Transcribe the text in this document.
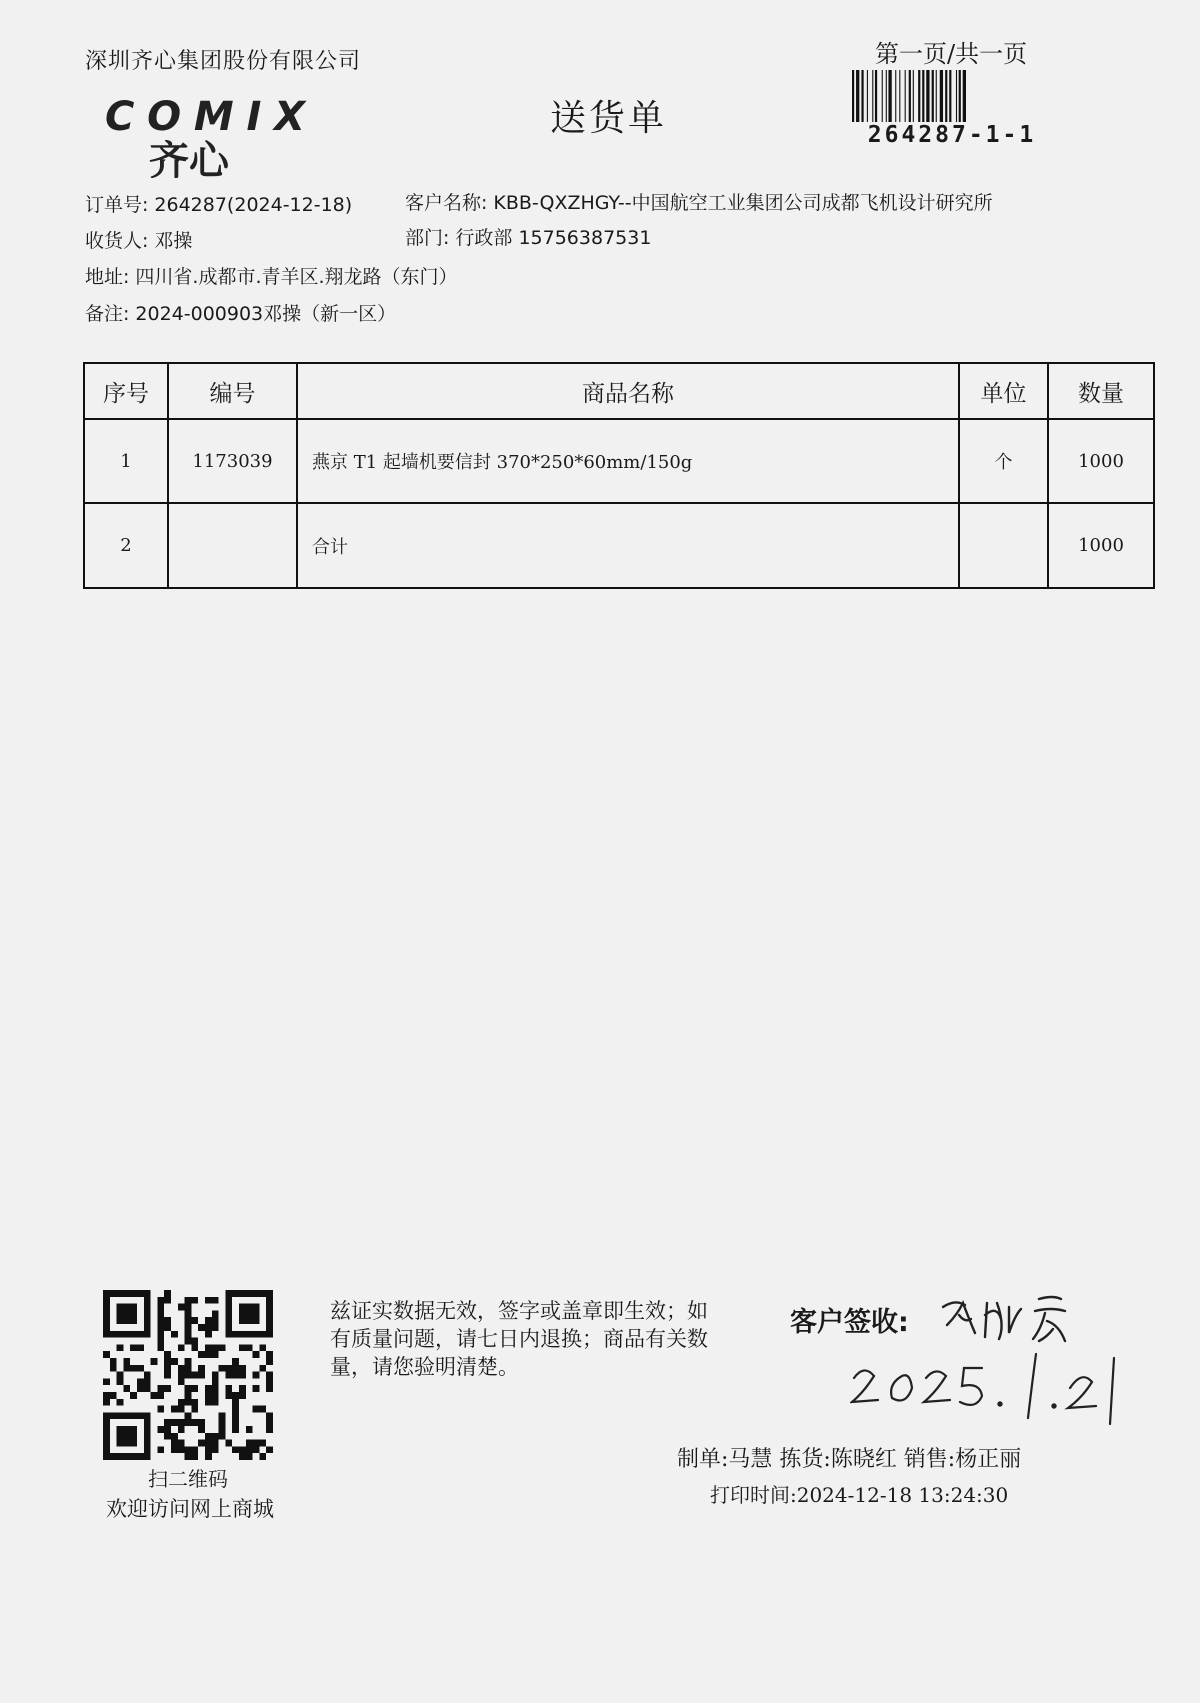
深圳齐心集团股份有限公司	第一页/共一页
264287-1-1
COMIX
齐心
送货单
订单号: 264287(2024-12-18)	客户名称: KBB-QXZHGY--中国航空工业集团公司成都飞机设计研究所
收货人: 邓操	部门: 行政部 15756387531
地址: 四川省.成都市.青羊区.翔龙路（东门）
备注: 2024-000903邓操（新一区）
序号	编号	商品名称	单位	数量
1	1173039	燕京 T1 起墙机要信封 370*250*60mm/150g	个	1000
2		合计		1000
扫二维码
欢迎访问网上商城
兹证实数据无效，签字或盖章即生效；如有质量问题，请七日内退换；商品有关数量，请您验明清楚。
客户签收:
制单:马慧 拣货:陈晓红 销售:杨正丽
打印时间:2024-12-18 13:24:30
